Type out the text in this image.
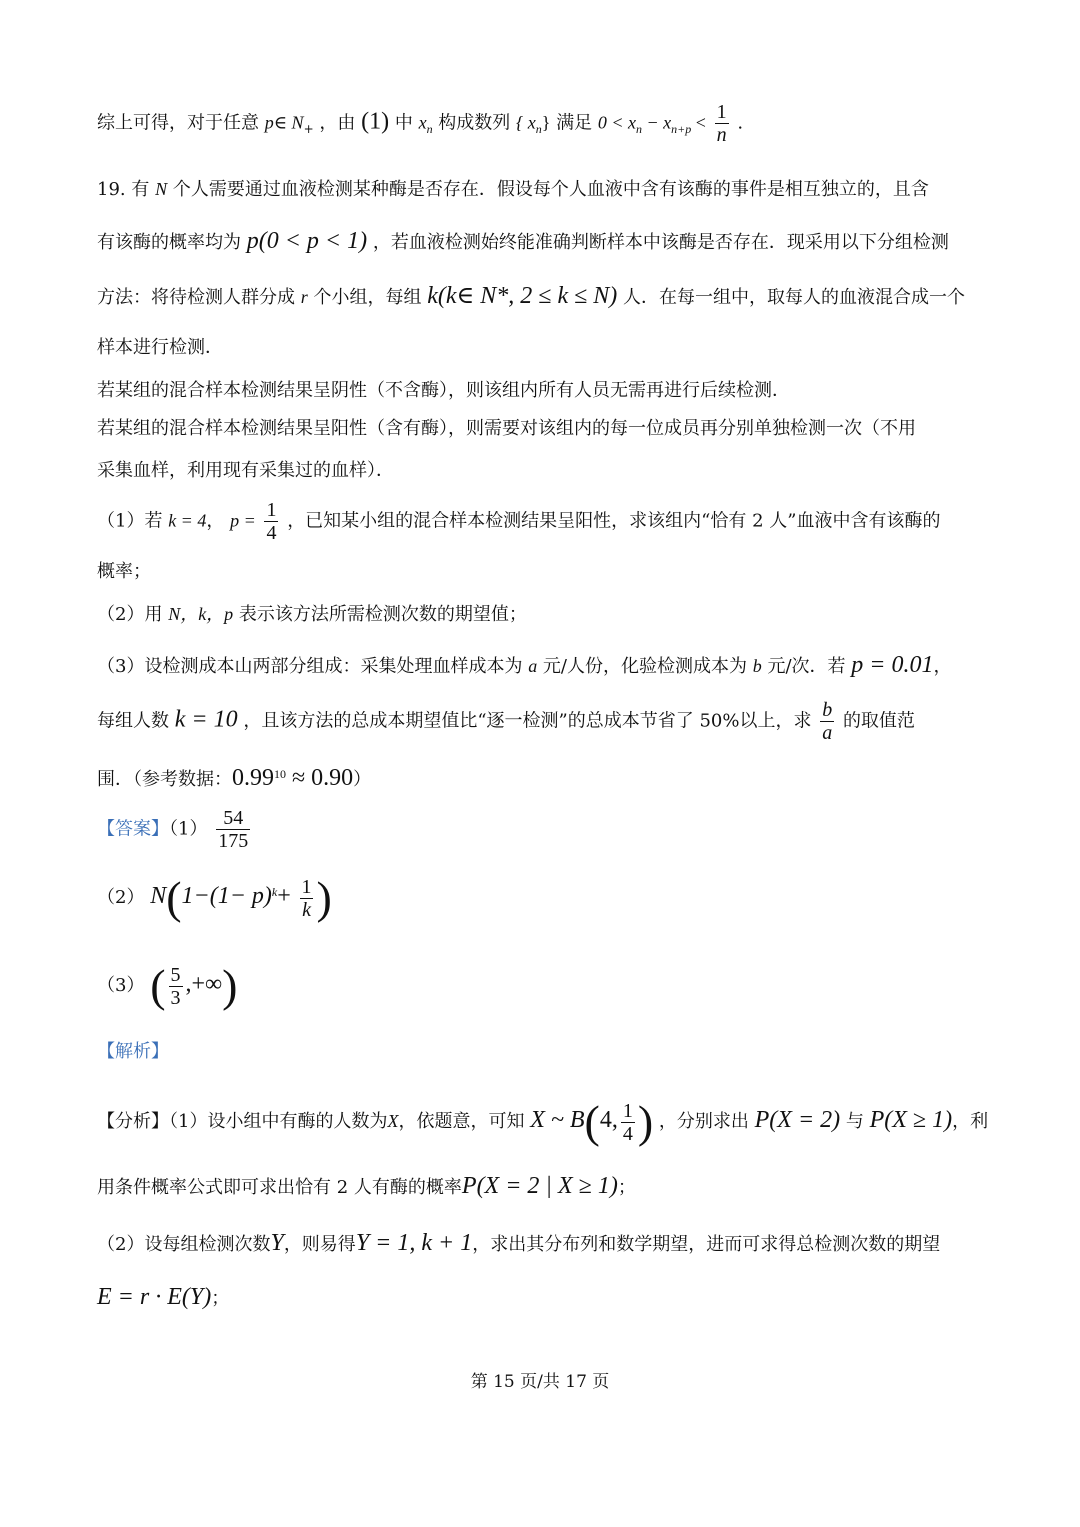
综上可得，对于任意 p∈ $N_+$ ，由 (1) 中 $x_n$ 构成数列 { $x_n$} 满足 $0 < x_n - x_{n+p} < \frac{1}{n}$ .
19. 有 N 个人需要通过血液检测某种酶是否存在．假设每个人血液中含有该酶的事件是相互独立的，且含
有该酶的概率均为 p(0 < p < 1) ，若血液检测始终能准确判断样本中该酶是否存在．现采用以下分组检测
方法：将待检测人群分成 r 个小组，每组 k(k∈ N*, 2 ≤ k ≤ N) 人．在每一组中，取每人的血液混合成一个
样本进行检测．
若某组的混合样本检测结果呈阴性（不含酶），则该组内所有人员无需再进行后续检测．
若某组的混合样本检测结果呈阳性（含有酶），则需要对该组内的每一位成员再分别单独检测一次（不用
采集血样，利用现有采集过的血样）．
（1）若 k = 4， $p = \frac{1}{4}$ ，已知某小组的混合样本检测结果呈阳性，求该组内“恰有 2 人”血液中含有该酶的
概率；
（2）用 N，k，p 表示该方法所需检测次数的期望值；
（3）设检测成本山两部分组成：采集处理血样成本为 a 元/人份，化验检测成本为 b 元/次．若 p = 0.01，
每组人数 k = 10 ，且该方法的总成本期望值比“逐一检测”的总成本节省了 50%以上，求 $\frac{b}{a}$ 的取值范
围．（参考数据：$0.99^{10} \approx 0.90$）
【答案】$(1) \frac{54}{175}$
（2） $N(1-(1- p)^k+ \frac{1}{k}$ )
（3） ( $\frac{5}{3}$ ,+∞)
【解析】
【分析】（1）设小组中有酶的人数为X，依题意，可知 X ~ B(4, $\frac{1}{4}$ ) ，分别求出 P(X = 2) 与 P(X ≥ 1)，利
用条件概率公式即可求出恰有 2 人有酶的概率P(X = 2 | X ≥ 1)；
（2）设每组检测次数Y，则易得Y = 1, k + 1，求出其分布列和数学期望，进而可求得总检测次数的期望
E = r · E(Y)；
第 15 页/共 17 页
